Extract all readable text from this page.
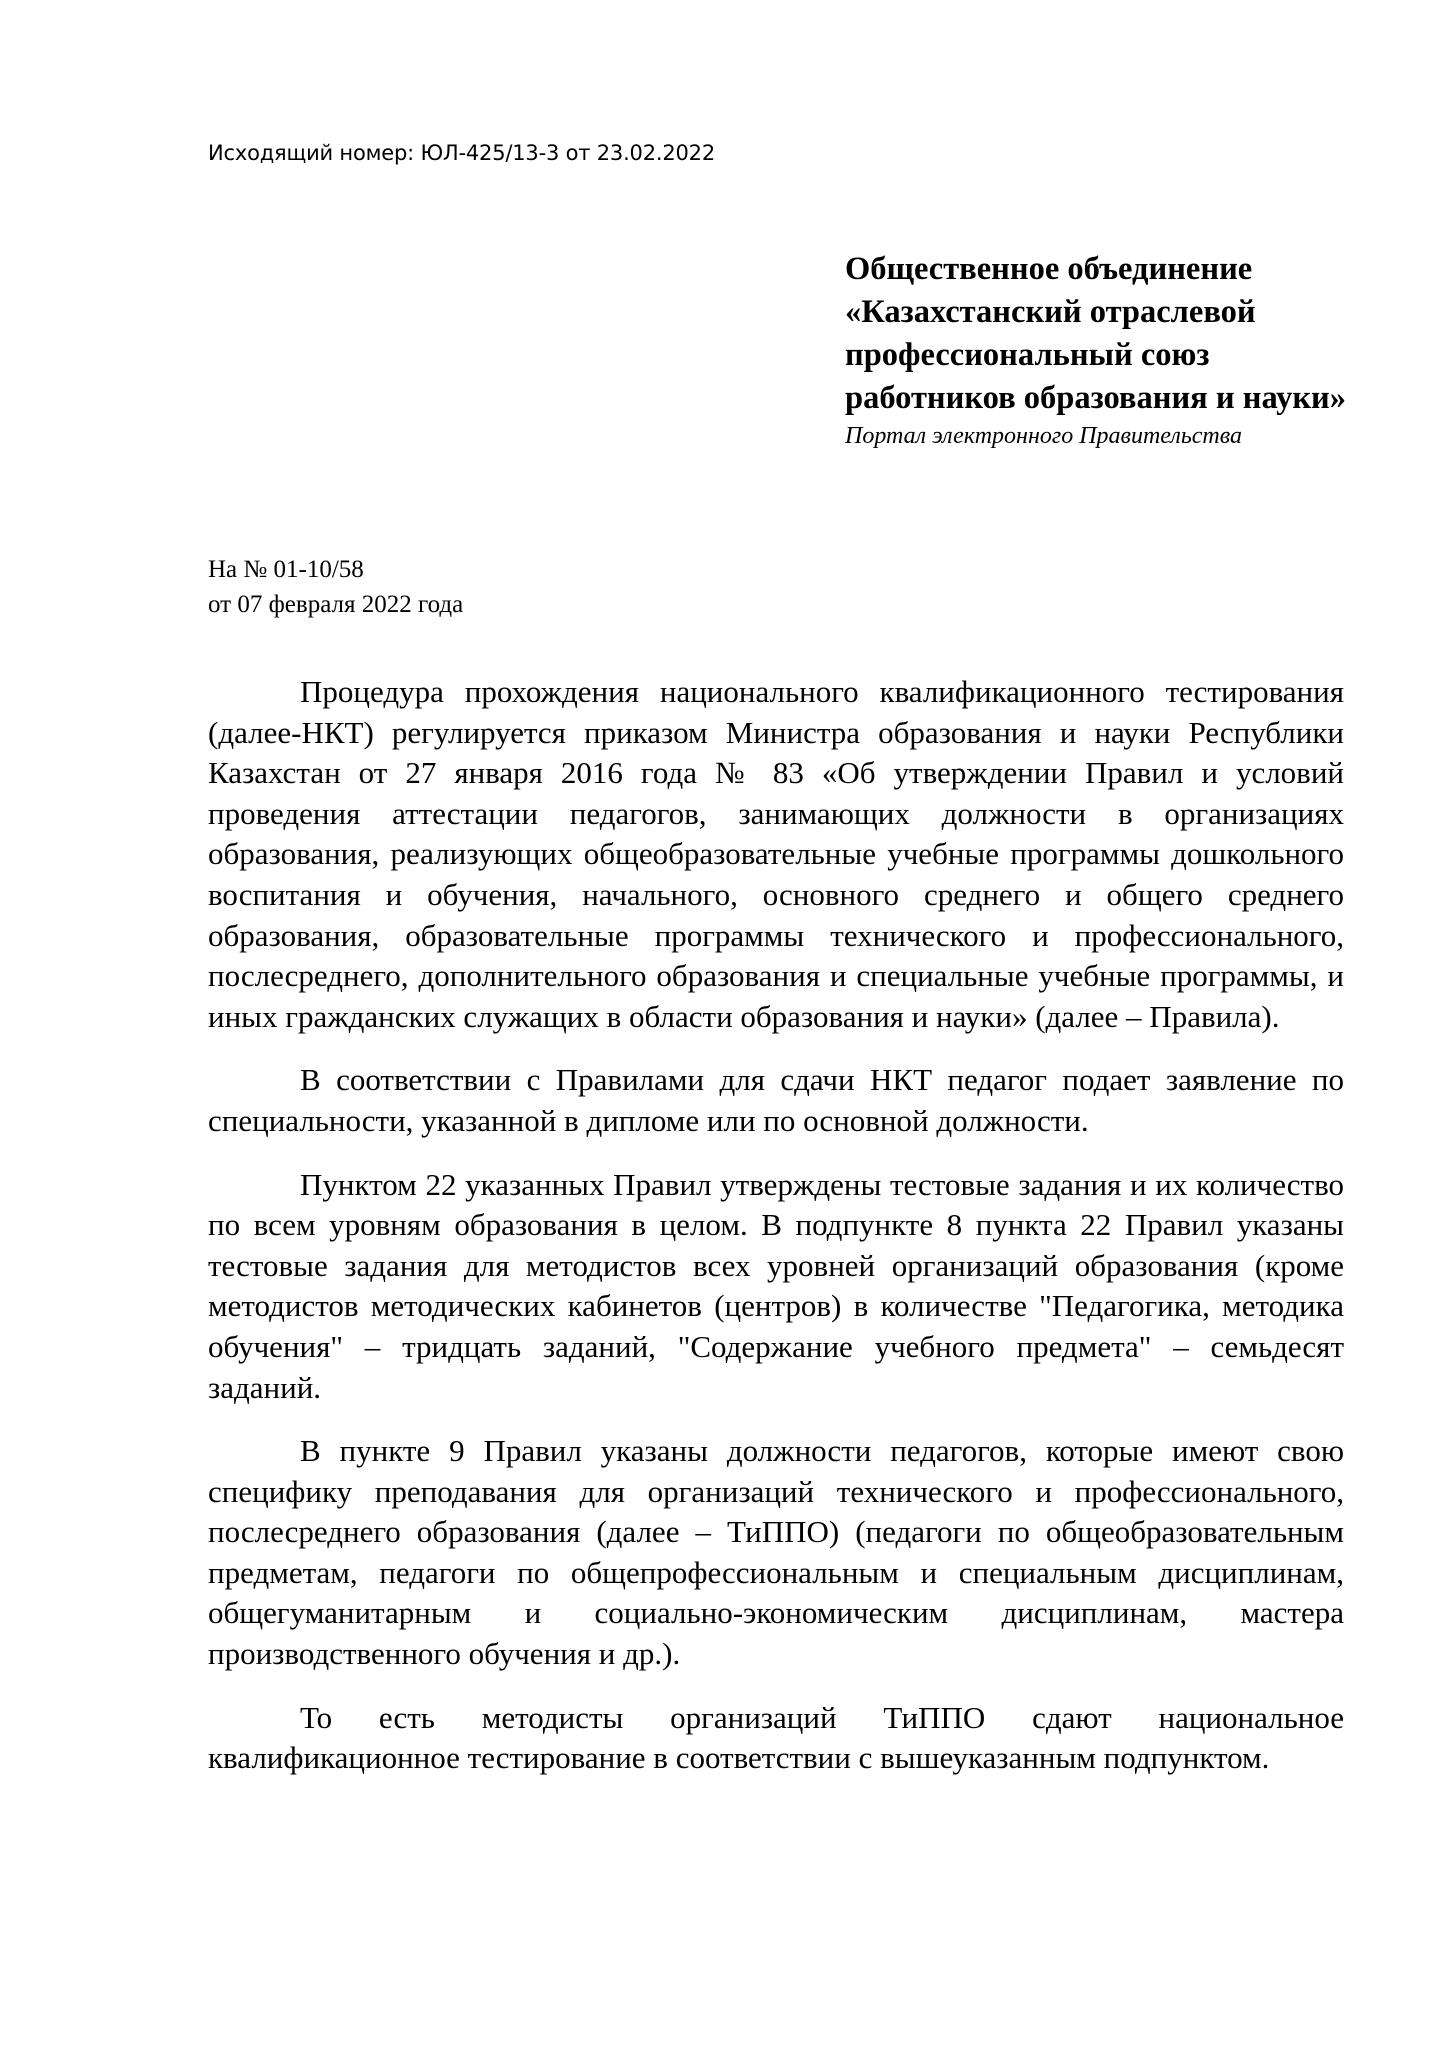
Исходящий номер: ЮЛ-425/13-3 от 23.02.2022

Общественное объединение «Казахстанский отраслевой профессиональный союз работников образования и науки»

Портал электронного Правительства

На № 01-10/58
от 07 февраля 2022 года

Процедура прохождения национального квалификационного тестирования (далее-НКТ) регулируется приказом Министра образования и науки Республики Казахстан от 27 января 2016 года № 83 «Об утверждении Правил и условий проведения аттестации педагогов, занимающих должности в организациях образования, реализующих общеобразовательные учебные программы дошкольного воспитания и обучения, начального, основного среднего и общего среднего образования, образовательные программы технического и профессионального, послесреднего, дополнительного образования и специальные учебные программы, и иных гражданских служащих в области образования и науки» (далее – Правила).

В соответствии с Правилами для сдачи НКТ педагог подает заявление по специальности, указанной в дипломе или по основной должности.

Пунктом 22 указанных Правил утверждены тестовые задания и их количество по всем уровням образования в целом. В подпункте 8 пункта 22 Правил указаны тестовые задания для методистов всех уровней организаций образования (кроме методистов методических кабинетов (центров) в количестве "Педагогика, методика обучения" – тридцать заданий, "Содержание учебного предмета" – семьдесят заданий.

В пункте 9 Правил указаны должности педагогов, которые имеют свою специфику преподавания для организаций технического и профессионального, послесреднего образования (далее – ТиППО) (педагоги по общеобразовательным предметам, педагоги по общепрофессиональным и специальным дисциплинам, общегуманитарным и социально-экономическим дисциплинам, мастера производственного обучения и др.).

То есть методисты организаций ТиППО сдают национальное квалификационное тестирование в соответствии с вышеуказанным подпунктом.
